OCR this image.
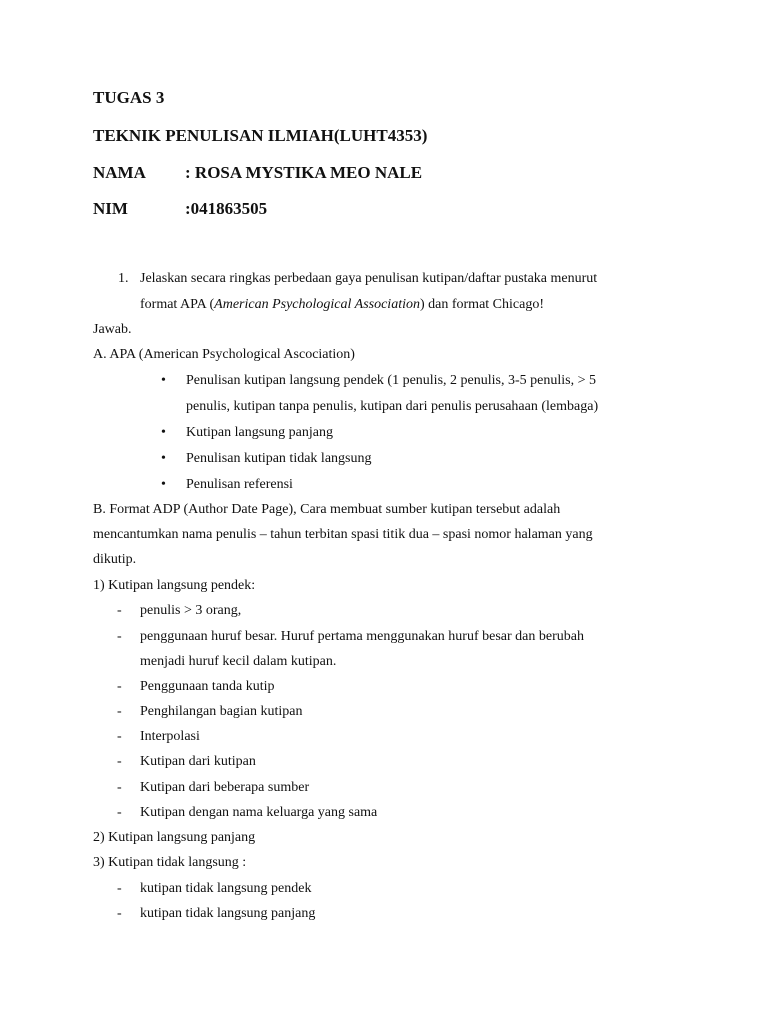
TUGAS 3
TEKNIK PENULISAN ILMIAH(LUHT4353)
NAMA : ROSA MYSTIKA MEO NALE
NIM	:041863505
1. Jelaskan secara ringkas perbedaan gaya penulisan kutipan/daftar pustaka menurut
format APA (American Psychological Association) dan format Chicago!
Jawab.
A. APA (American Psychological Ascociation)
• Penulisan kutipan langsung pendek (1 penulis, 2 penulis, 3-5 penulis, > 5
penulis, kutipan tanpa penulis, kutipan dari penulis perusahaan (lembaga)
• Kutipan langsung panjang
• Penulisan kutipan tidak langsung
• Penulisan referensi
B. Format ADP (Author Date Page), Cara membuat sumber kutipan tersebut adalah
mencantumkan nama penulis – tahun terbitan spasi titik dua – spasi nomor halaman yang
dikutip.
1) Kutipan langsung pendek:
- penulis > 3 orang,
- penggunaan huruf besar. Huruf pertama menggunakan huruf besar dan berubah
menjadi huruf kecil dalam kutipan.
- Penggunaan tanda kutip
- Penghilangan bagian kutipan
- Interpolasi
- Kutipan dari kutipan
- Kutipan dari beberapa sumber
- Kutipan dengan nama keluarga yang sama
2) Kutipan langsung panjang
3) Kutipan tidak langsung :
- kutipan tidak langsung pendek
- kutipan tidak langsung panjang
